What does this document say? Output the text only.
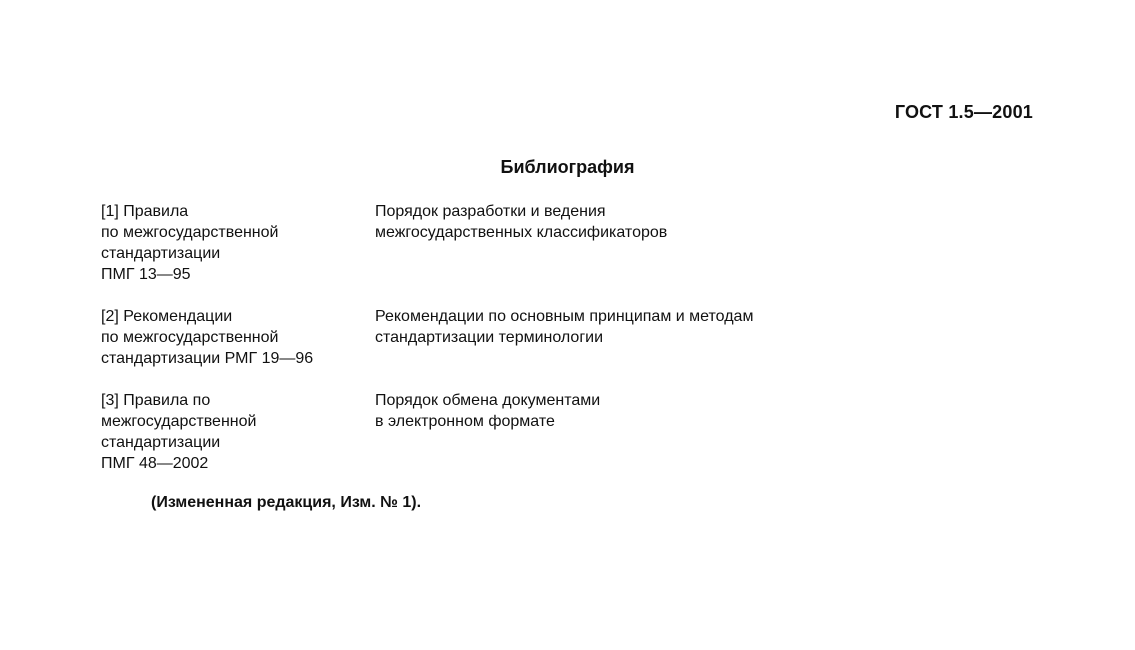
ГОСТ 1.5—2001
Библиография
[1] Правила
по межгосударственной
стандартизации
ПМГ 13—95
Порядок разработки и ведения
межгосударственных классификаторов
[2] Рекомендации
по межгосударственной
стандартизации РМГ 19—96
Рекомендации по основным принципам и методам
стандартизации терминологии
[3] Правила по
межгосударственной
стандартизации
ПМГ 48—2002
Порядок обмена документами
в электронном формате
(Измененная редакция, Изм. № 1).
